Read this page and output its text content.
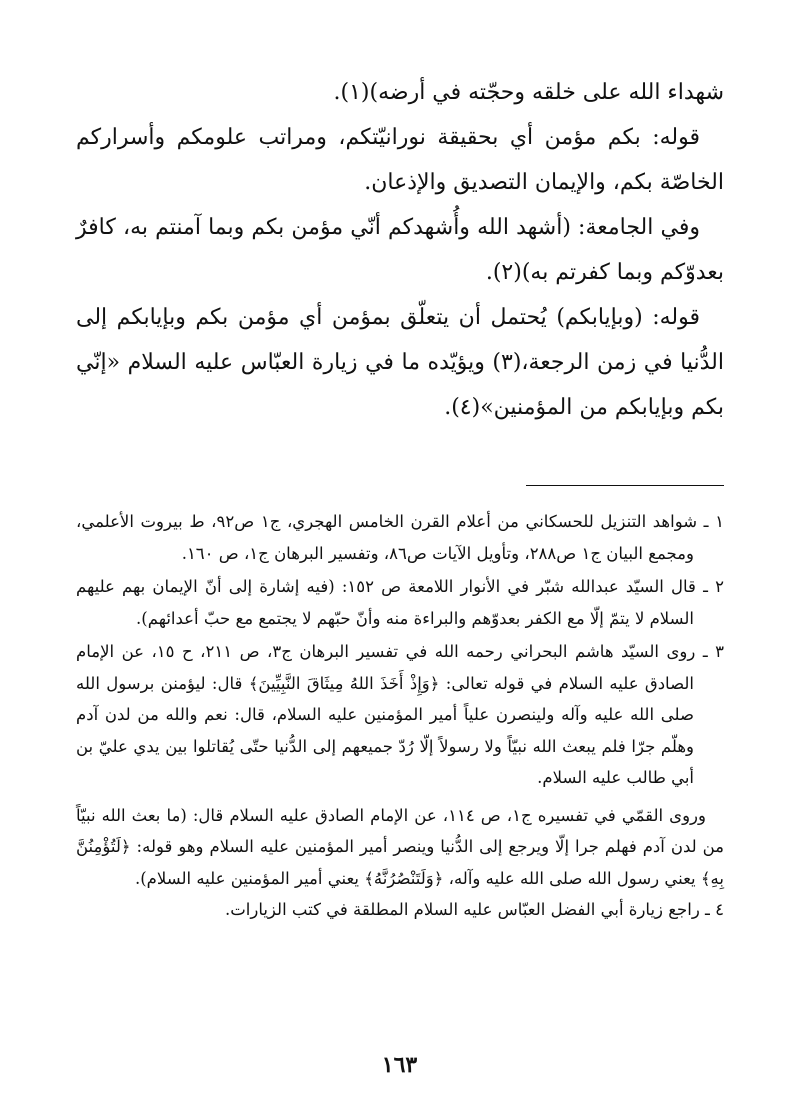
شهداء الله على خلقه وحجّته في أرضه)(١).

قوله: بكم مؤمن أي بحقيقة نورانيّتكم، ومراتب علومكم وأسراركم الخاصّة بكم، والإيمان التصديق والإذعان.

وفي الجامعة: (أشهد الله وأُشهدكم أنّي مؤمن بكم وبما آمنتم به، كافرٌ بعدوّكم وبما كفرتم به)(٢).

قوله: (وبإيابكم) يُحتمل أن يتعلّق بمؤمن أي مؤمن بكم وبإيابكم إلى الدُّنيا في زمن الرجعة،(٣) ويؤيّده ما في زيارة العبّاس عليه السلام «إنّي بكم وبإيابكم من المؤمنين»(٤).

١ ـ شواهد التنزيل للحسكاني من أعلام القرن الخامس الهجري، ج١ ص٩٢، ط بيروت الأعلمي، ومجمع البيان ج١ ص٢٨٨، وتأويل الآيات ص٨٦، وتفسير البرهان ج١، ص ١٦٠.

٢ ـ قال السيّد عبدالله شبّر في الأنوار اللامعة ص ١٥٢: (فيه إشارة إلى أنّ الإيمان بهم عليهم السلام لا يتمّ إلّا مع الكفر بعدوّهم والبراءة منه وأنّ حبّهم لا يجتمع مع حبّ أعدائهم).

٣ ـ روى السيّد هاشم البحراني رحمه الله في تفسير البرهان ج٣، ص ٢١١، ح ١٥، عن الإمام الصادق عليه السلام في قوله تعالى: ﴿وَإِذْ أَخَذَ اللهُ مِيثَاقَ النَّبِيِّينَ﴾ قال: ليؤمنن برسول الله صلى الله عليه وآله ولينصرن علياً أمير المؤمنين عليه السلام، قال: نعم والله من لدن آدم وهلّم جرّا فلم يبعث الله نبيّاً ولا رسولاً إلّا رُدّ جميعهم إلى الدُّنيا حتّى يُقاتلوا بين يدي عليّ بن أبي طالب عليه السلام.

وروى القمّي في تفسيره ج١، ص ١١٤، عن الإمام الصادق عليه السلام قال: (ما بعث الله نبيّاً من لدن آدم فهلم جرا إلّا ويرجع إلى الدُّنيا وينصر أمير المؤمنين عليه السلام وهو قوله: ﴿لَتُؤْمِنُنَّ بِهِ﴾ يعني رسول الله صلى الله عليه وآله، ﴿وَلَتَنْصُرُنَّهُ﴾ يعني أمير المؤمنين عليه السلام).

٤ ـ راجع زيارة أبي الفضل العبّاس عليه السلام المطلقة في كتب الزيارات.

١٦٣
